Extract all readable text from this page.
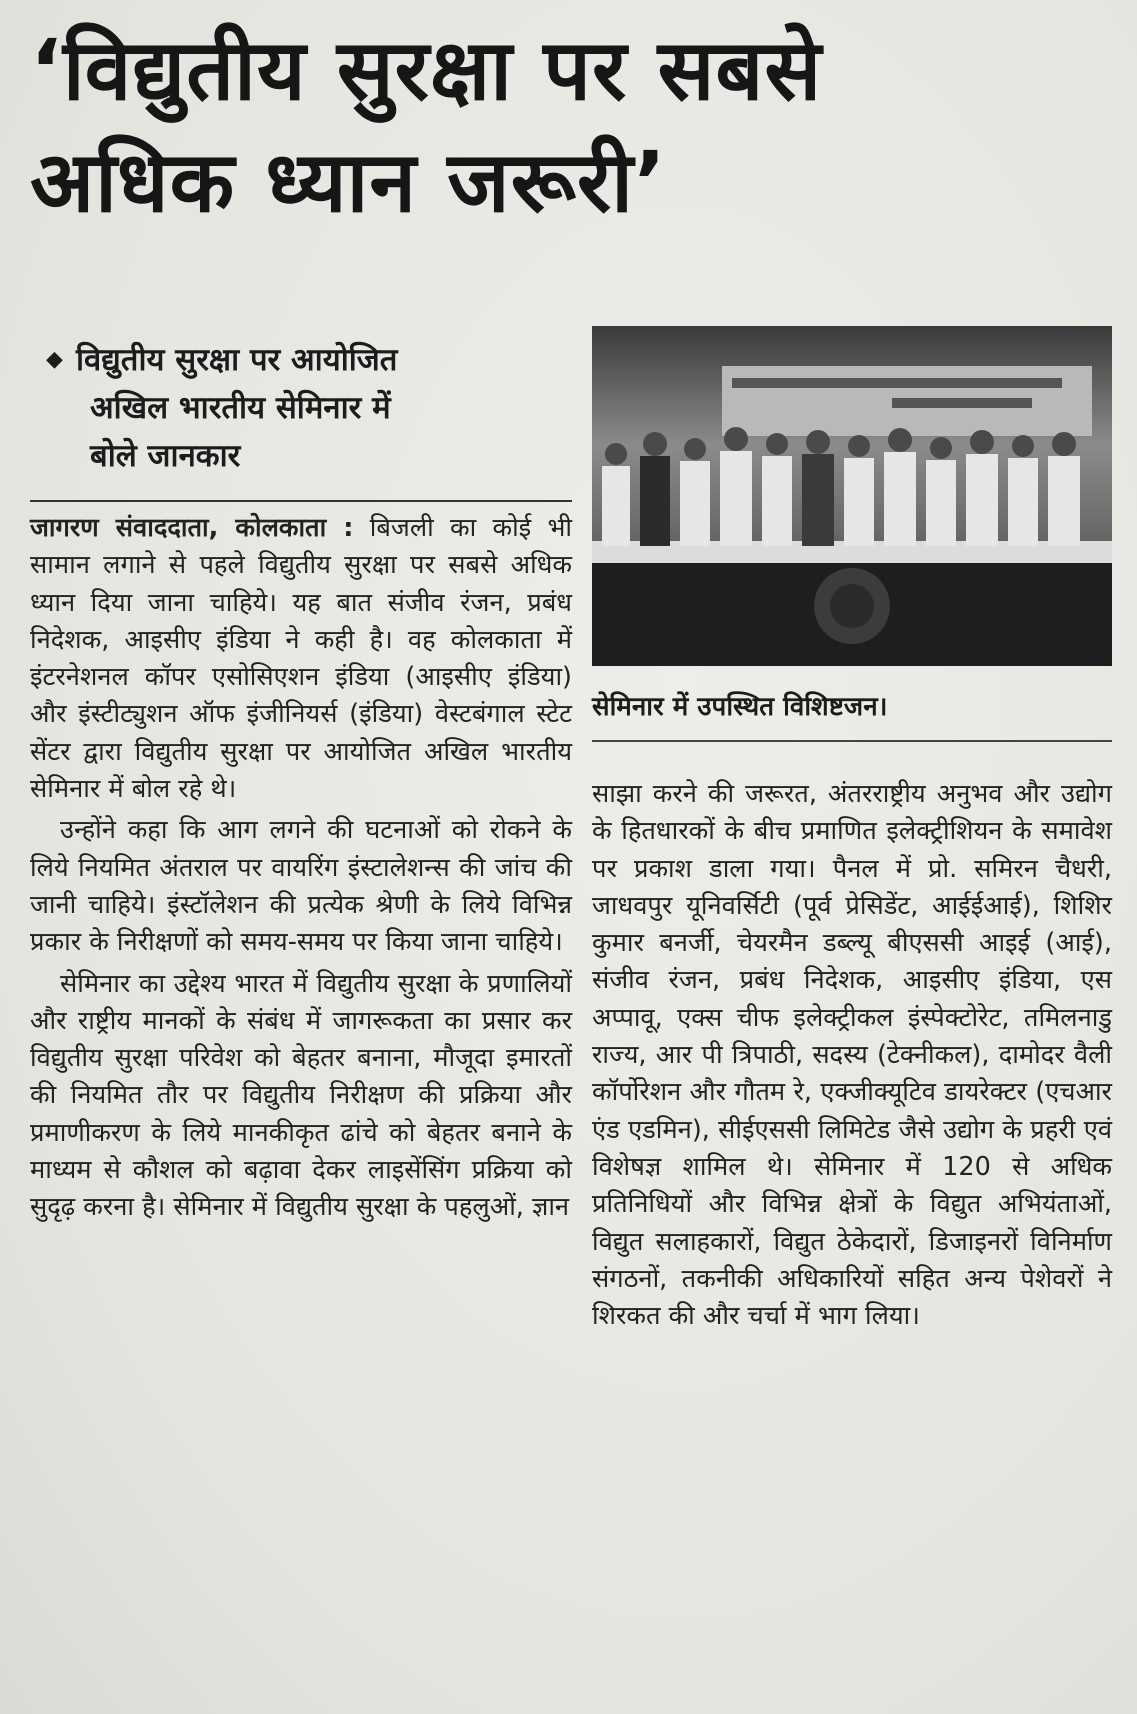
‘विद्युतीय सुरक्षा पर सबसे
अधिक ध्यान जरूरी’
◆ विद्युतीय सुरक्षा पर आयोजित
अखिल भारतीय सेमिनार में
बोले जानकार
सेमिनार में उपस्थित विशिष्टजन।

जागरण संवाददाता, कोलकाता : बिजली का कोई भी सामान लगाने से पहले विद्युतीय सुरक्षा पर सबसे अधिक ध्यान दिया जाना चाहिये। यह बात संजीव रंजन, प्रबंध निदेशक, आइसीए इंडिया ने कही है। वह कोलकाता में इंटरनेशनल कॉपर एसोसिएशन इंडिया (आइसीए इंडिया) और इंस्टीट्युशन ऑफ इंजीनियर्स (इंडिया) वेस्टबंगाल स्टेट सेंटर द्वारा विद्युतीय सुरक्षा पर आयोजित अखिल भारतीय सेमिनार में बोल रहे थे।

उन्होंने कहा कि आग लगने की घटनाओं को रोकने के लिये नियमित अंतराल पर वायरिंग इंस्टालेशन्स की जांच की जानी चाहिये। इंस्टॉलेशन की प्रत्येक श्रेणी के लिये विभिन्न प्रकार के निरीक्षणों को समय-समय पर किया जाना चाहिये।

सेमिनार का उद्देश्य भारत में विद्युतीय सुरक्षा के प्रणालियों और राष्ट्रीय मानकों के संबंध में जागरूकता का प्रसार कर विद्युतीय सुरक्षा परिवेश को बेहतर बनाना, मौजूदा इमारतों की नियमित तौर पर विद्युतीय निरीक्षण की प्रक्रिया और प्रमाणीकरण के लिये मानकीकृत ढांचे को बेहतर बनाने के माध्यम से कौशल को बढ़ावा देकर लाइसेंसिंग प्रक्रिया को सुदृढ़ करना है। सेमिनार में विद्युतीय सुरक्षा के पहलुओं, ज्ञान

साझा करने की जरूरत, अंतरराष्ट्रीय अनुभव और उद्योग के हितधारकों के बीच प्रमाणित इलेक्ट्रीशियन के समावेश पर प्रकाश डाला गया। पैनल में प्रो. समिरन चैधरी, जाधवपुर यूनिवर्सिटी (पूर्व प्रेसिडेंट, आईईआई), शिशिर कुमार बनर्जी, चेयरमैन डब्ल्यू बीएससी आइई (आई), संजीव रंजन, प्रबंध निदेशक, आइसीए इंडिया, एस अप्पावू, एक्स चीफ इलेक्ट्रीकल इंस्पेक्टोरेट, तमिलनाडु राज्य, आर पी त्रिपाठी, सदस्य (टेक्नीकल), दामोदर वैली कॉर्पोरेशन और गौतम रे, एक्जीक्यूटिव डायरेक्टर (एचआर एंड एडमिन), सीईएससी लिमिटेड जैसे उद्योग के प्रहरी एवं विशेषज्ञ शामिल थे। सेमिनार में 120 से अधिक प्रतिनिधियों और विभिन्न क्षेत्रों के विद्युत अभियंताओं, विद्युत सलाहकारों, विद्युत ठेकेदारों, डिजाइनरों विनिर्माण संगठनों, तकनीकी अधिकारियों सहित अन्य पेशेवरों ने शिरकत की और चर्चा में भाग लिया।
